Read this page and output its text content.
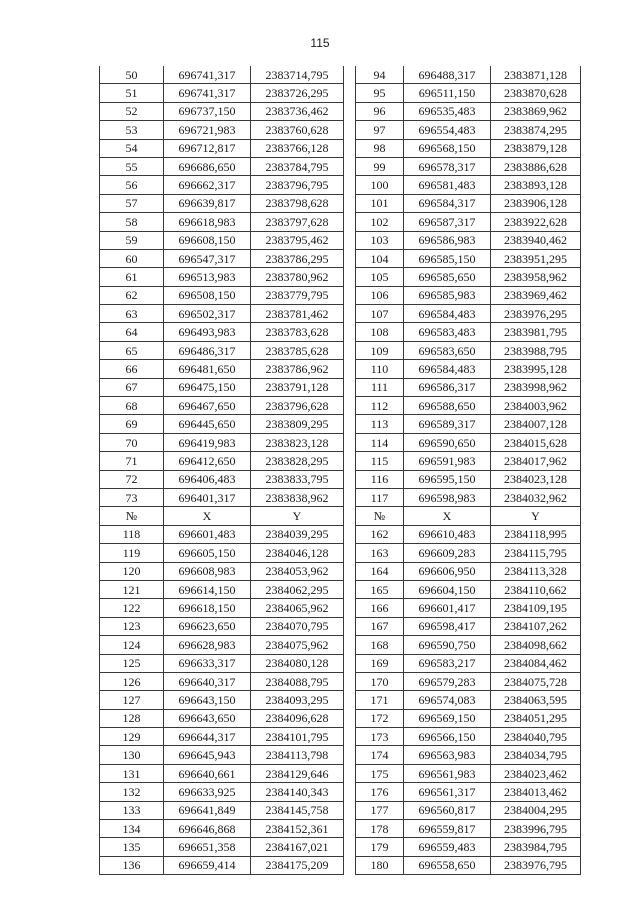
115
50	696741,317	2383714,795		94	696488,317	2383871,128
51	696741,317	2383726,295		95	696511,150	2383870,628
52	696737,150	2383736,462		96	696535,483	2383869,962
53	696721,983	2383760,628		97	696554,483	2383874,295
54	696712,817	2383766,128		98	696568,150	2383879,128
55	696686,650	2383784,795		99	696578,317	2383886,628
56	696662,317	2383796,795		100	696581,483	2383893,128
57	696639,817	2383798,628		101	696584,317	2383906,128
58	696618,983	2383797,628		102	696587,317	2383922,628
59	696608,150	2383795,462		103	696586,983	2383940,462
60	696547,317	2383786,295		104	696585,150	2383951,295
61	696513,983	2383780,962		105	696585,650	2383958,962
62	696508,150	2383779,795		106	696585,983	2383969,462
63	696502,317	2383781,462		107	696584,483	2383976,295
64	696493,983	2383783,628		108	696583,483	2383981,795
65	696486,317	2383785,628		109	696583,650	2383988,795
66	696481,650	2383786,962		110	696584,483	2383995,128
67	696475,150	2383791,128		111	696586,317	2383998,962
68	696467,650	2383796,628		112	696588,650	2384003,962
69	696445,650	2383809,295		113	696589,317	2384007,128
70	696419,983	2383823,128		114	696590,650	2384015,628
71	696412,650	2383828,295		115	696591,983	2384017,962
72	696406,483	2383833,795		116	696595,150	2384023,128
73	696401,317	2383838,962		117	696598,983	2384032,962
№	X	Y		№	X	Y
118	696601,483	2384039,295		162	696610,483	2384118,995
119	696605,150	2384046,128		163	696609,283	2384115,795
120	696608,983	2384053,962		164	696606,950	2384113,328
121	696614,150	2384062,295		165	696604,150	2384110,662
122	696618,150	2384065,962		166	696601,417	2384109,195
123	696623,650	2384070,795		167	696598,417	2384107,262
124	696628,983	2384075,962		168	696590,750	2384098,662
125	696633,317	2384080,128		169	696583,217	2384084,462
126	696640,317	2384088,795		170	696579,283	2384075,728
127	696643,150	2384093,295		171	696574,083	2384063,595
128	696643,650	2384096,628		172	696569,150	2384051,295
129	696644,317	2384101,795		173	696566,150	2384040,795
130	696645,943	2384113,798		174	696563,983	2384034,795
131	696640,661	2384129,646		175	696561,983	2384023,462
132	696633,925	2384140,343		176	696561,317	2384013,462
133	696641,849	2384145,758		177	696560,817	2384004,295
134	696646,868	2384152,361		178	696559,817	2383996,795
135	696651,358	2384167,021		179	696559,483	2383984,795
136	696659,414	2384175,209		180	696558,650	2383976,795
